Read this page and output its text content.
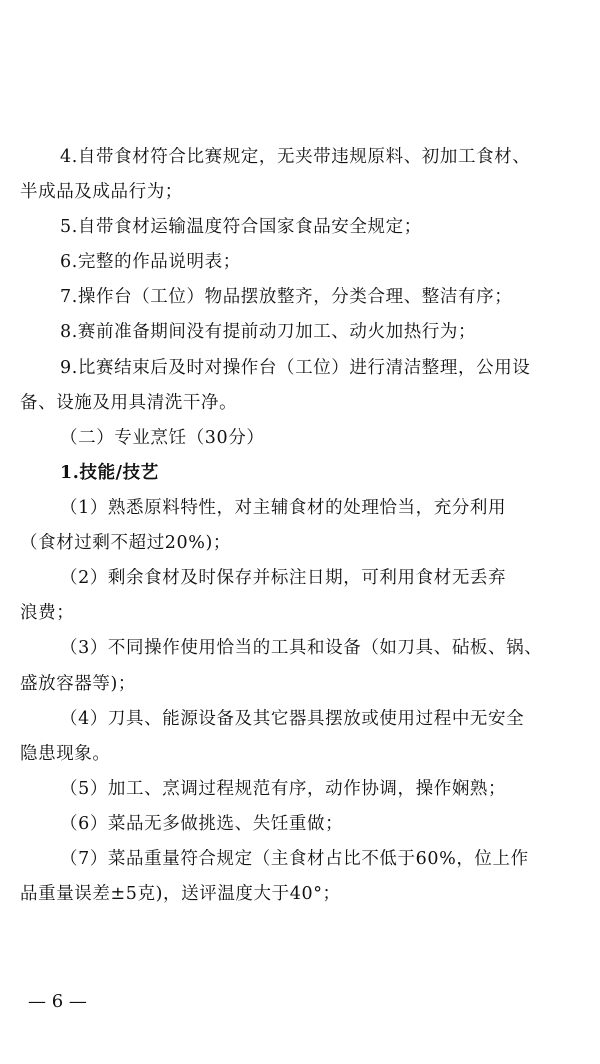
4.自带食材符合比赛规定，无夹带违规原料、初加工食材、
半成品及成品行为；
5.自带食材运输温度符合国家食品安全规定；
6.完整的作品说明表；
7.操作台（工位）物品摆放整齐，分类合理、整洁有序；
8.赛前准备期间没有提前动刀加工、动火加热行为；
9.比赛结束后及时对操作台（工位）进行清洁整理，公用设
备、设施及用具清洗干净。
（二）专业烹饪（30分）
1.技能/技艺
（1）熟悉原料特性，对主辅食材的处理恰当，充分利用
（食材过剩不超过20%)；
（2）剩余食材及时保存并标注日期，可利用食材无丢弃
浪费；
（3）不同操作使用恰当的工具和设备（如刀具、砧板、锅、
盛放容器等)；
（4）刀具、能源设备及其它器具摆放或使用过程中无安全
隐患现象。
（5）加工、烹调过程规范有序，动作协调，操作娴熟；
（6）菜品无多做挑选、失饪重做；
（7）菜品重量符合规定（主食材占比不低于60%，位上作
品重量误差±5克)，送评温度大于40°；
— 6 —
